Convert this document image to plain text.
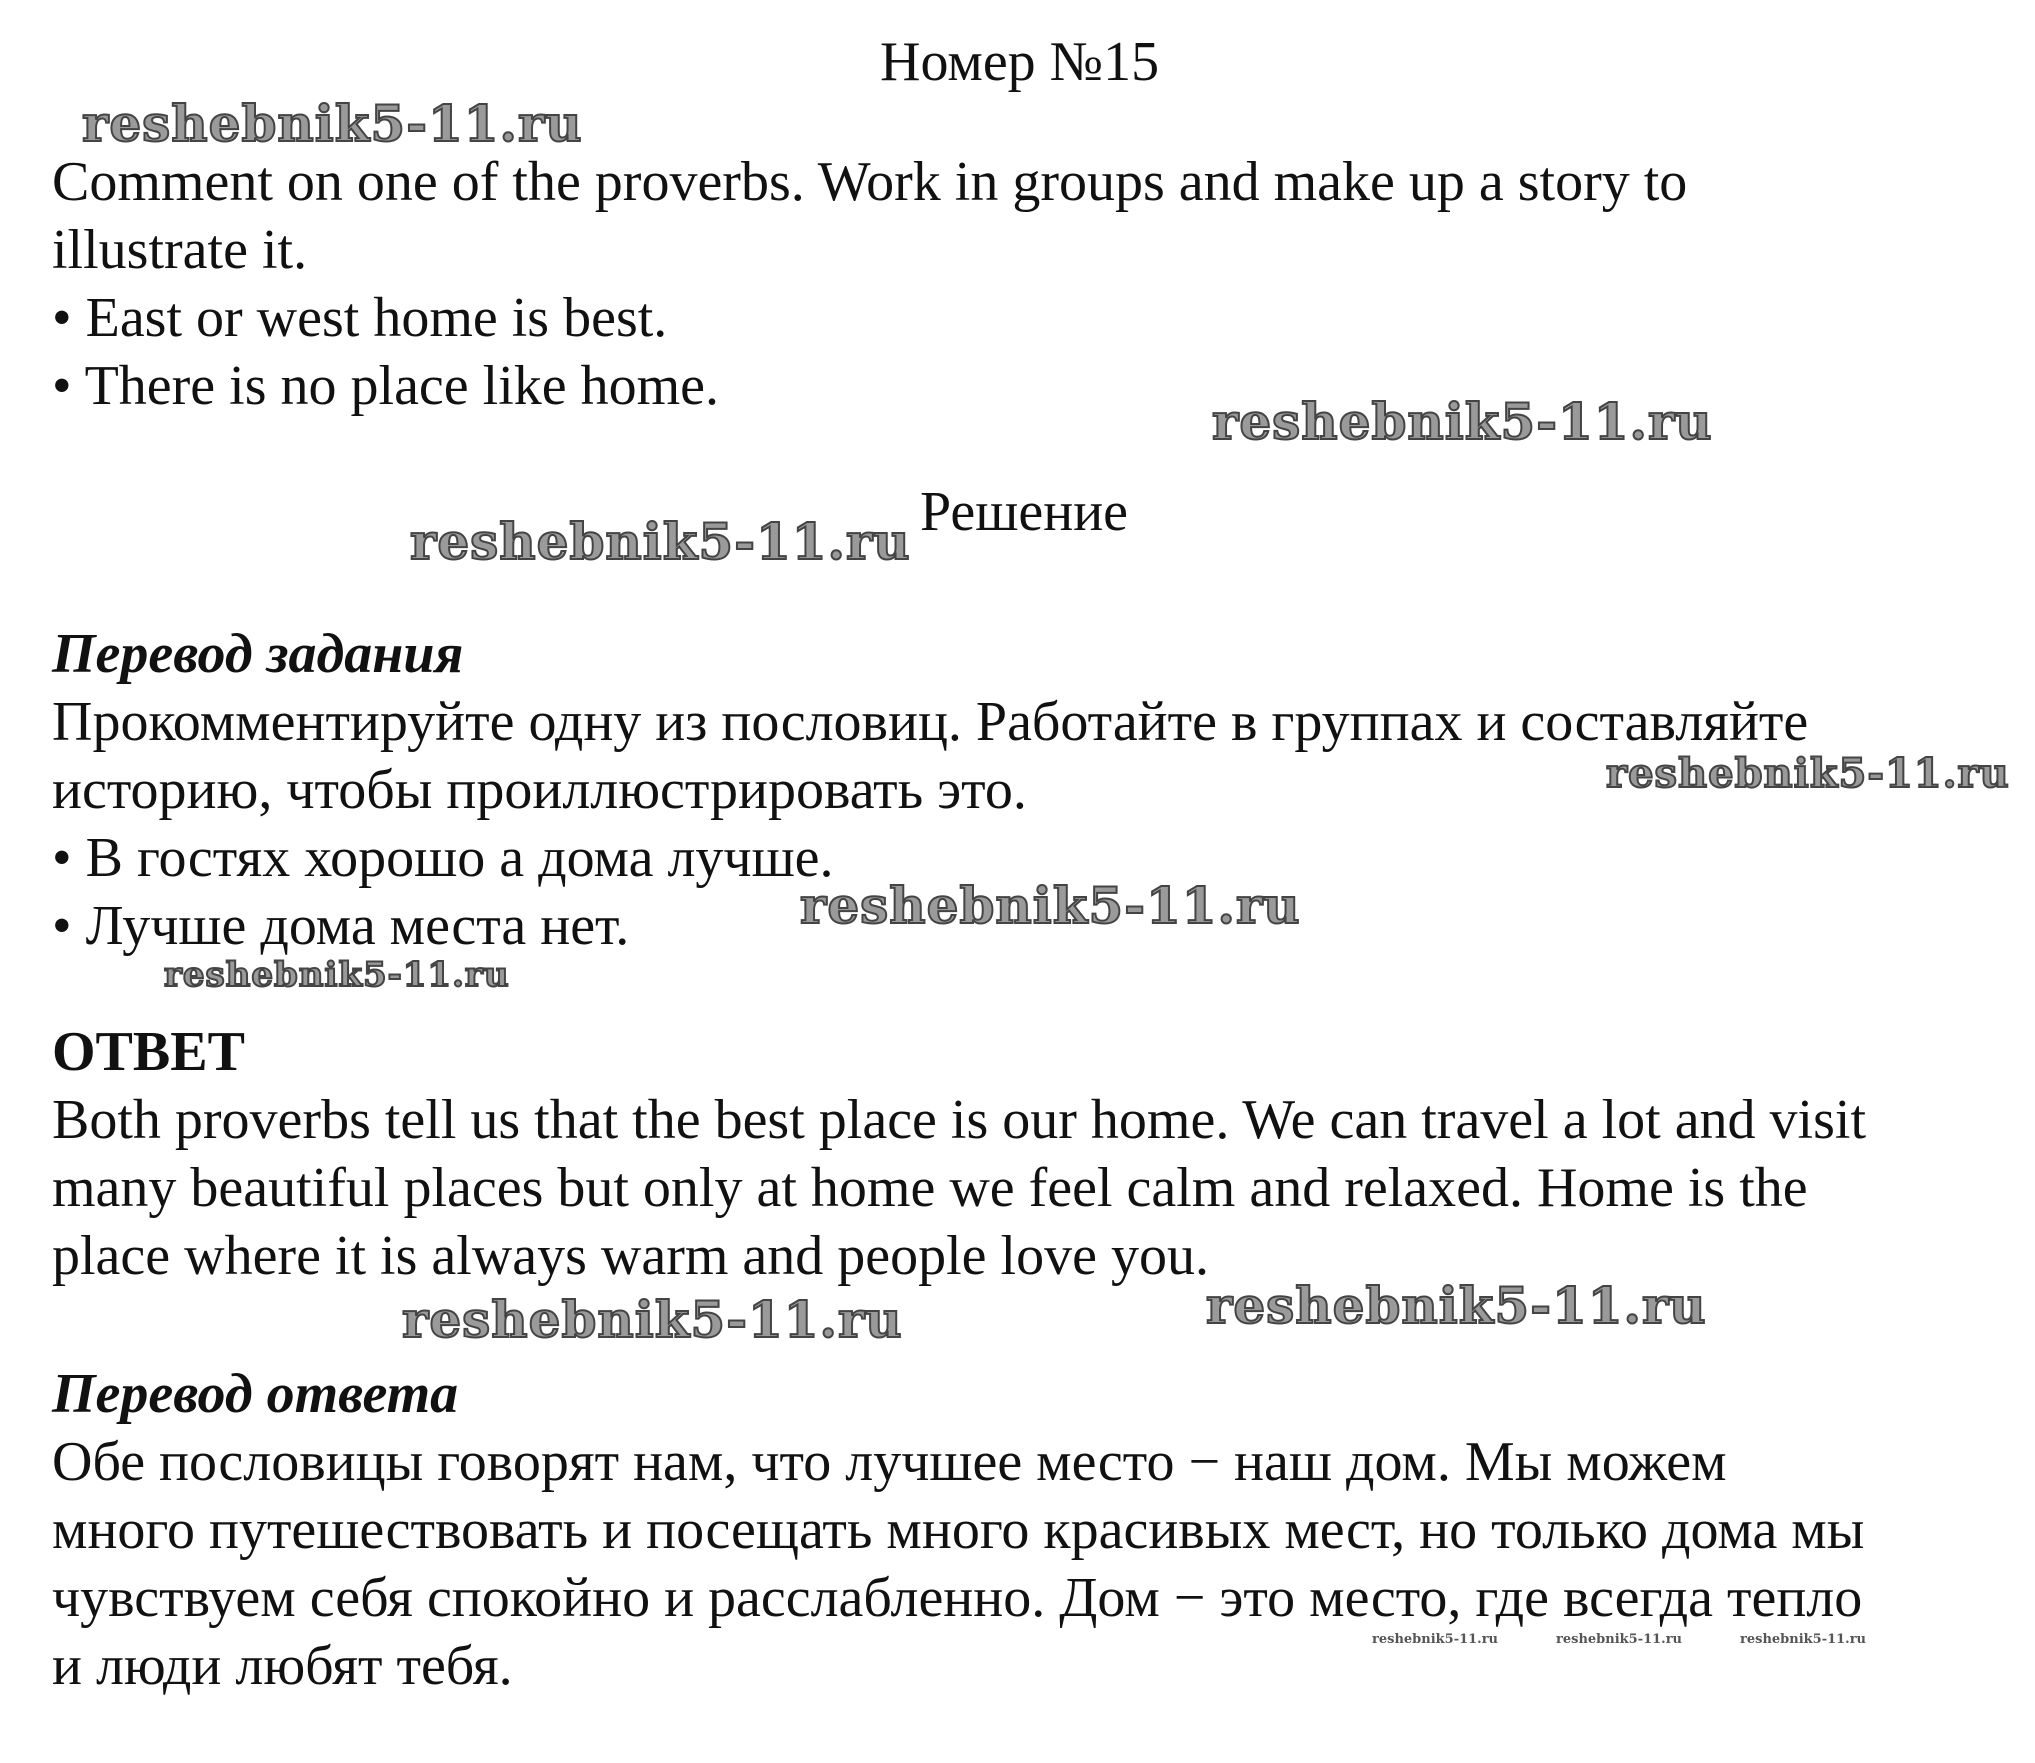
Номер №15
reshebnik5-11.ru
Comment on one of the proverbs. Work in groups and make up a story to
illustrate it.
• East or west home is best.
• There is no place like home.
reshebnik5-11.ru
reshebnik5-11.ru Решение
Перевод задания
Прокомментируйте одну из пословиц. Работайте в группах и составляйте
историю, чтобы проиллюстрировать это.	reshebnik5-11.ru
• В гостях хорошо а дома лучше.
• Лучше дома места нет.	reshebnik5-11.ru
reshebnik5-11.ru
ОТВЕТ
Both proverbs tell us that the best place is our home. We can travel a lot and visit
many beautiful places but only at home we feel calm and relaxed. Home is the
place where it is always warm and people love you.
reshebnik5-11.ru	reshebnik5-11.ru
Перевод ответа
Обе пословицы говорят нам, что лучшее место − наш дом. Мы можем
много путешествовать и посещать много красивых мест, но только дома мы
чувствуем себя спокойно и расслабленно. Дом − это место, где всегда тепло
и люди любят тебя.	reshebnik5-11.ru	reshebnik5-11.ru	reshebnik5-11.ru
